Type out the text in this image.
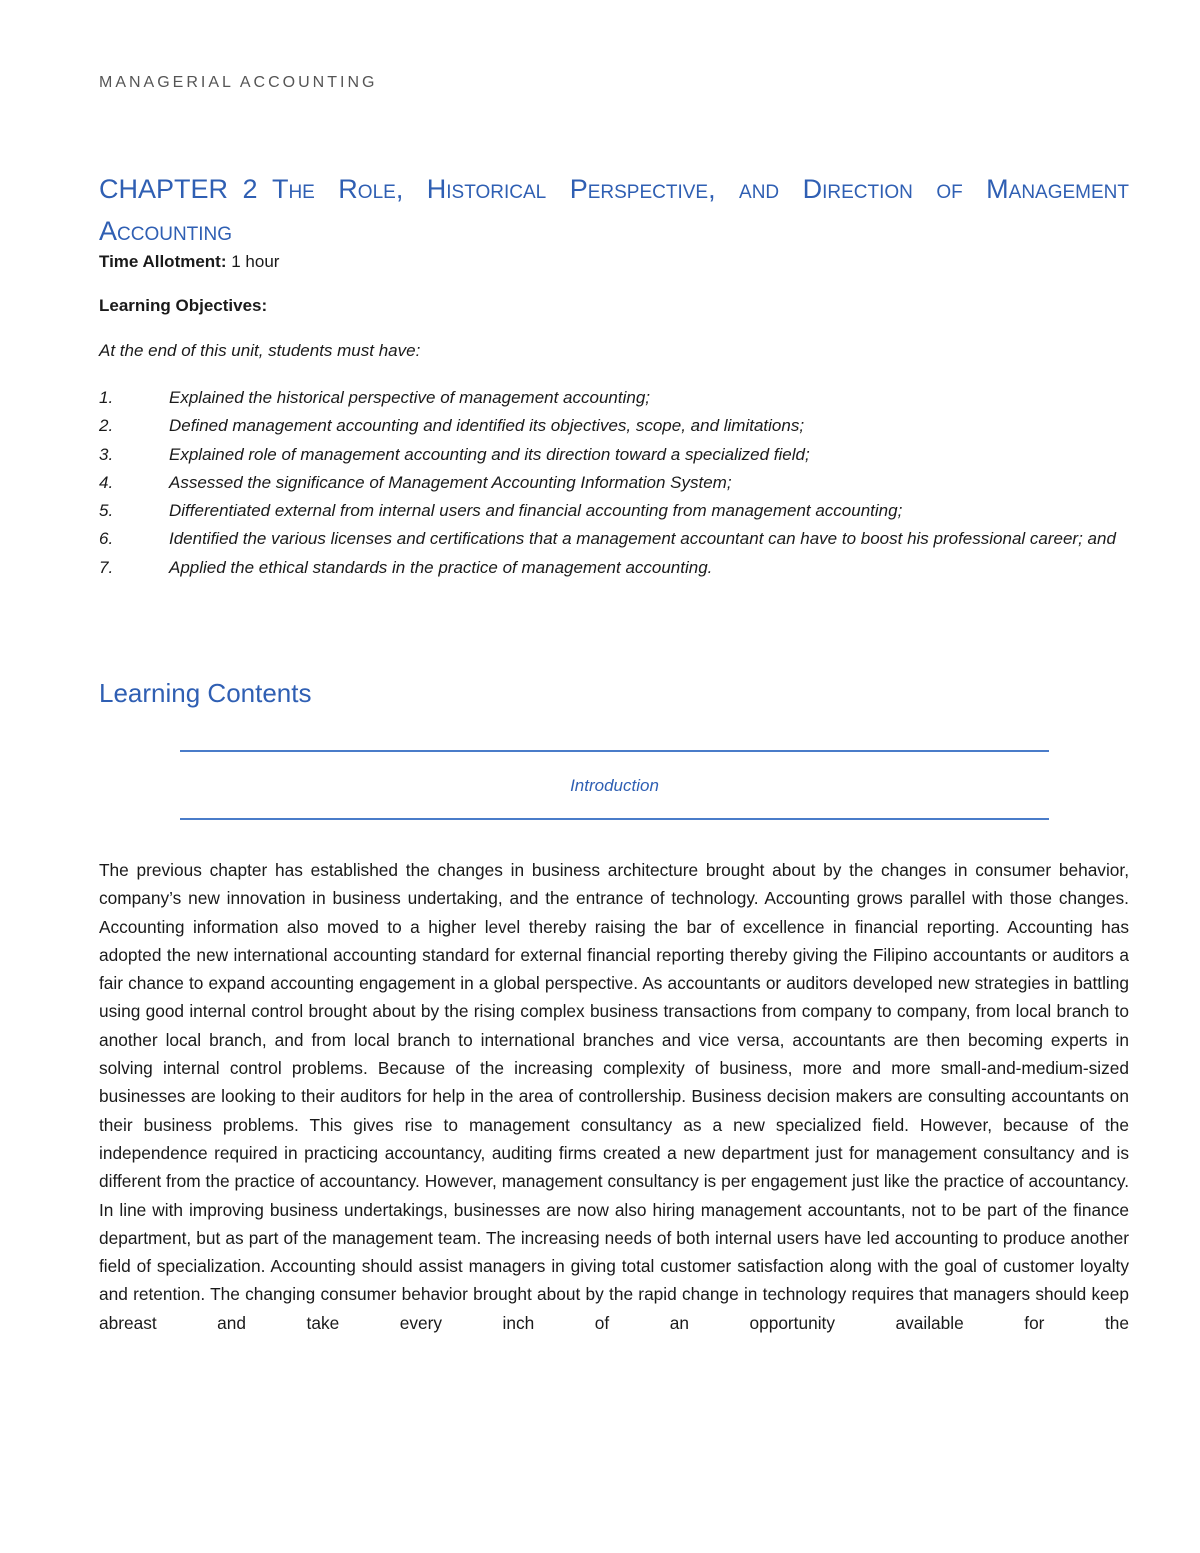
MANAGERIAL ACCOUNTING
CHAPTER 2 The Role, Historical Perspective, and Direction of Management Accounting
Time Allotment: 1 hour
Learning Objectives:
At the end of this unit, students must have:
1.	Explained the historical perspective of management accounting;
2.	Defined management accounting and identified its objectives, scope, and limitations;
3.	Explained role of management accounting and its direction toward a specialized field;
4.	Assessed the significance of Management Accounting Information System;
5.	Differentiated external from internal users and financial accounting from management accounting;
6.	Identified the various licenses and certifications that a management accountant can have to boost his professional career; and
7.	Applied the ethical standards in the practice of management accounting.
Learning Contents
Introduction

The previous chapter has established the changes in business architecture brought about by the changes in consumer behavior, company’s new innovation in business undertaking, and the entrance of technology. Accounting grows parallel with those changes. Accounting information also moved to a higher level thereby raising the bar of excellence in financial reporting. Accounting has adopted the new international accounting standard for external financial reporting thereby giving the Filipino accountants or auditors a fair chance to expand accounting engagement in a global perspective. As accountants or auditors developed new strategies in battling using good internal control brought about by the rising complex business transactions from company to company, from local branch to another local branch, and from local branch to international branches and vice versa, accountants are then becoming experts in solving internal control problems. Because of the increasing complexity of business, more and more small-and-medium-sized businesses are looking to their auditors for help in the area of controllership. Business decision makers are consulting accountants on their business problems. This gives rise to management consultancy as a new specialized field. However, because of the independence required in practicing accountancy, auditing firms created a new department just for management consultancy and is different from the practice of accountancy. However, management consultancy is per engagement just like the practice of accountancy. In line with improving business undertakings, businesses are now also hiring management accountants, not to be part of the finance department, but as part of the management team. The increasing needs of both internal users have led accounting to produce another field of specialization. Accounting should assist managers in giving total customer satisfaction along with the goal of customer loyalty and retention. The changing consumer behavior brought about by the rapid change in technology requires that managers should keep abreast and take every inch of an opportunity available for the
